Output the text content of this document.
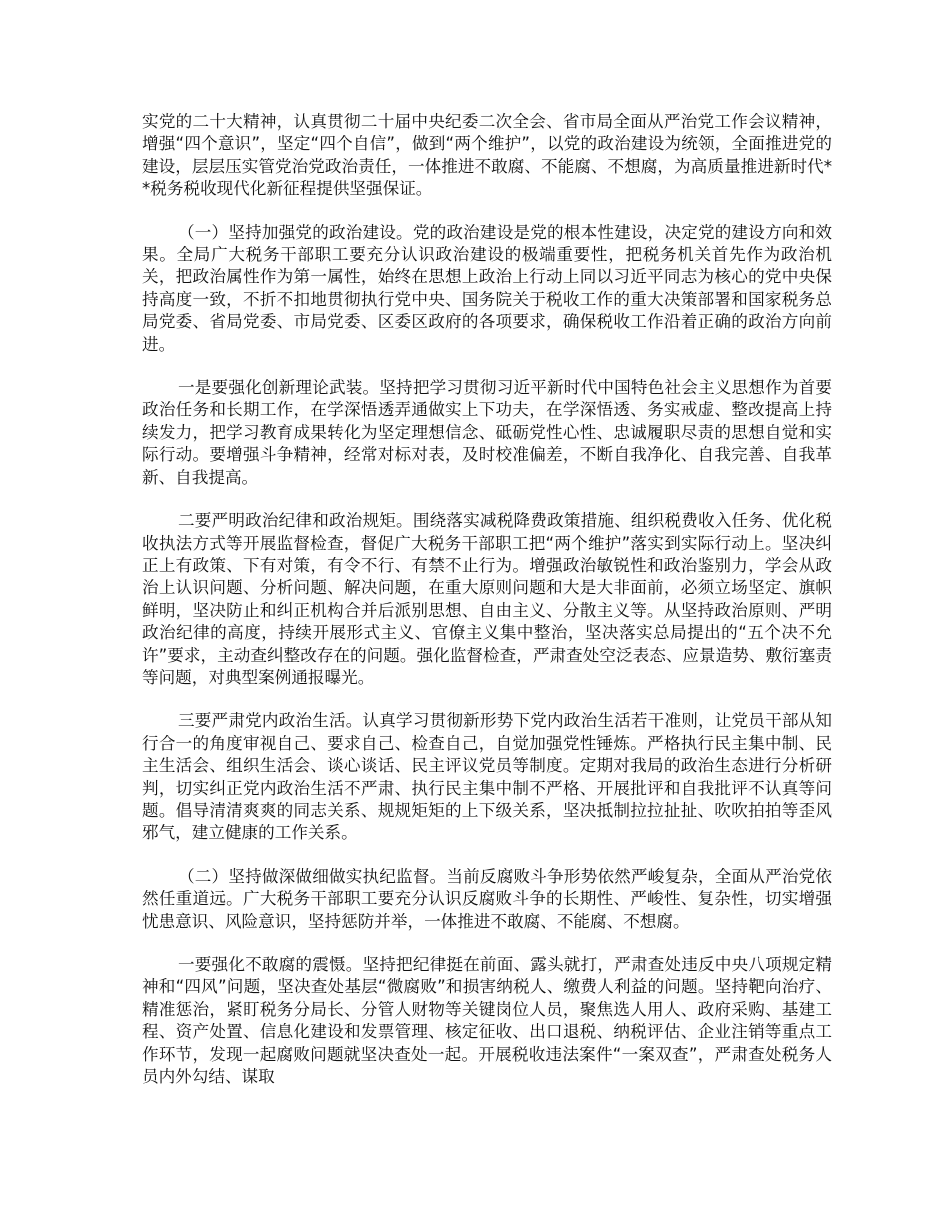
实党的二十大精神，认真贯彻二十届中央纪委二次全会、省市局全面从严治党工作会议精神，增强“四个意识”，坚定“四个自信”，做到“两个维护”，以党的政治建设为统领，全面推进党的建设，层层压实管党治党政治责任，一体推进不敢腐、不能腐、不想腐，为高质量推进新时代**税务税收现代化新征程提供坚强保证。

（一）坚持加强党的政治建设。党的政治建设是党的根本性建设，决定党的建设方向和效果。全局广大税务干部职工要充分认识政治建设的极端重要性，把税务机关首先作为政治机关，把政治属性作为第一属性，始终在思想上政治上行动上同以习近平同志为核心的党中央保持高度一致，不折不扣地贯彻执行党中央、国务院关于税收工作的重大决策部署和国家税务总局党委、省局党委、市局党委、区委区政府的各项要求，确保税收工作沿着正确的政治方向前进。

一是要强化创新理论武装。坚持把学习贯彻习近平新时代中国特色社会主义思想作为首要政治任务和长期工作，在学深悟透弄通做实上下功夫，在学深悟透、务实戒虚、整改提高上持续发力，把学习教育成果转化为坚定理想信念、砥砺党性心性、忠诚履职尽责的思想自觉和实际行动。要增强斗争精神，经常对标对表，及时校准偏差，不断自我净化、自我完善、自我革新、自我提高。

二要严明政治纪律和政治规矩。围绕落实减税降费政策措施、组织税费收入任务、优化税收执法方式等开展监督检查，督促广大税务干部职工把“两个维护”落实到实际行动上。坚决纠正上有政策、下有对策，有令不行、有禁不止行为。增强政治敏锐性和政治鉴别力，学会从政治上认识问题、分析问题、解决问题，在重大原则问题和大是大非面前，必须立场坚定、旗帜鲜明，坚决防止和纠正机构合并后派别思想、自由主义、分散主义等。从坚持政治原则、严明政治纪律的高度，持续开展形式主义、官僚主义集中整治，坚决落实总局提出的“五个决不允许”要求，主动查纠整改存在的问题。强化监督检查，严肃查处空泛表态、应景造势、敷衍塞责等问题，对典型案例通报曝光。

三要严肃党内政治生活。认真学习贯彻新形势下党内政治生活若干准则，让党员干部从知行合一的角度审视自己、要求自己、检查自己，自觉加强党性锤炼。严格执行民主集中制、民主生活会、组织生活会、谈心谈话、民主评议党员等制度。定期对我局的政治生态进行分析研判，切实纠正党内政治生活不严肃、执行民主集中制不严格、开展批评和自我批评不认真等问题。倡导清清爽爽的同志关系、规规矩矩的上下级关系，坚决抵制拉拉扯扯、吹吹拍拍等歪风邪气，建立健康的工作关系。

（二）坚持做深做细做实执纪监督。当前反腐败斗争形势依然严峻复杂，全面从严治党依然任重道远。广大税务干部职工要充分认识反腐败斗争的长期性、严峻性、复杂性，切实增强忧患意识、风险意识，坚持惩防并举，一体推进不敢腐、不能腐、不想腐。

一要强化不敢腐的震慑。坚持把纪律挺在前面、露头就打，严肃查处违反中央八项规定精神和“四风”问题，坚决查处基层“微腐败”和损害纳税人、缴费人利益的问题。坚持靶向治疗、精准惩治，紧盯税务分局长、分管人财物等关键岗位人员，聚焦选人用人、政府采购、基建工程、资产处置、信息化建设和发票管理、核定征收、出口退税、纳税评估、企业注销等重点工作环节，发现一起腐败问题就坚决查处一起。开展税收违法案件“一案双查”，严肃查处税务人员内外勾结、谋取
